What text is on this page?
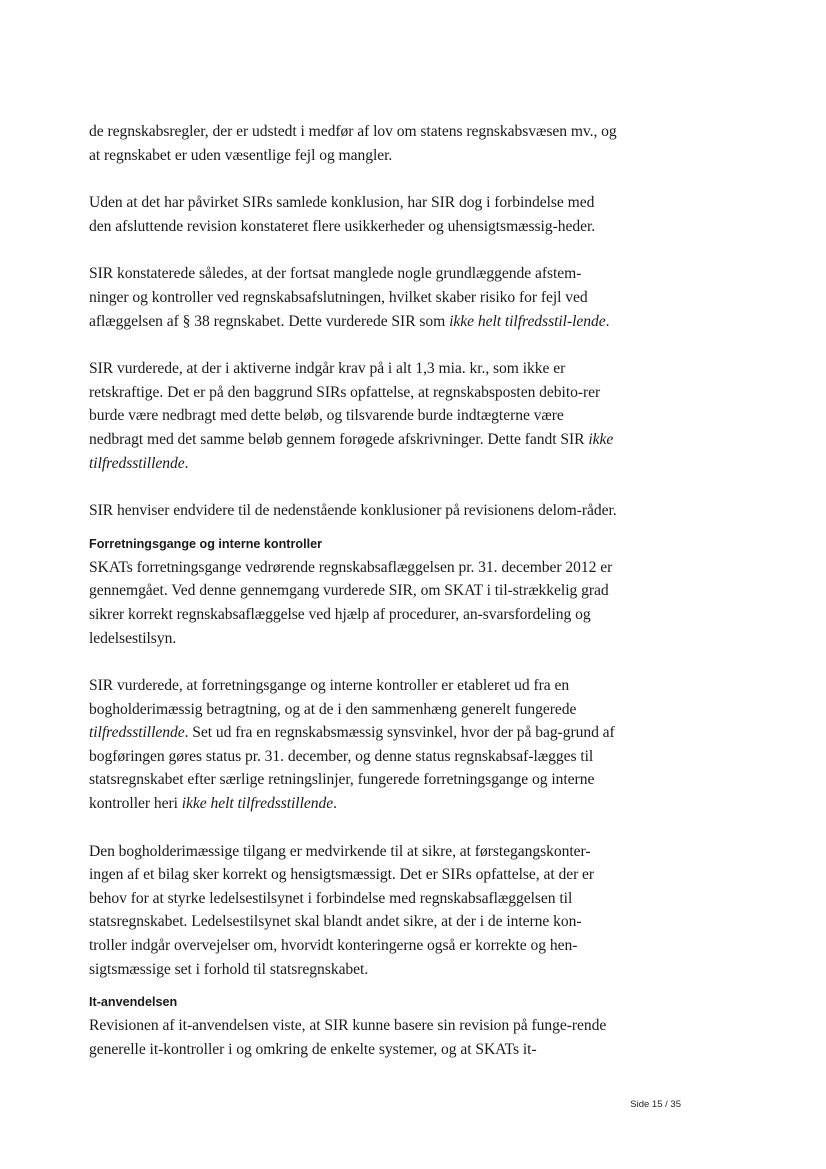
de regnskabsregler, der er udstedt i medfør af lov om statens regnskabsvæsen mv., og at regnskabet er uden væsentlige fejl og mangler.

Uden at det har påvirket SIRs samlede konklusion, har SIR dog i forbindelse med den afsluttende revision konstateret flere usikkerheder og uhensigtsmæssig-heder.

SIR konstaterede således, at der fortsat manglede nogle grundlæggende afstem-ninger og kontroller ved regnskabsafslutningen, hvilket skaber risiko for fejl ved aflæggelsen af § 38 regnskabet. Dette vurderede SIR som ikke helt tilfredsstil-lende.

SIR vurderede, at der i aktiverne indgår krav på i alt 1,3 mia. kr., som ikke er retskraftige. Det er på den baggrund SIRs opfattelse, at regnskabsposten debito-rer burde være nedbragt med dette beløb, og tilsvarende burde indtægterne være nedbragt med det samme beløb gennem forøgede afskrivninger. Dette fandt SIR ikke tilfredsstillende.

SIR henviser endvidere til de nedenstående konklusioner på revisionens delom-råder.

Forretningsgange og interne kontroller

SKATs forretningsgange vedrørende regnskabsaflæggelsen pr. 31. december 2012 er gennemgået. Ved denne gennemgang vurderede SIR, om SKAT i til-strækkelig grad sikrer korrekt regnskabsaflæggelse ved hjælp af procedurer, an-svarsfordeling og ledelsestilsyn.

SIR vurderede, at forretningsgange og interne kontroller er etableret ud fra en bogholderimæssig betragtning, og at de i den sammenhæng generelt fungerede tilfredsstillende. Set ud fra en regnskabsmæssig synsvinkel, hvor der på bag-grund af bogføringen gøres status pr. 31. december, og denne status regnskabsaf-lægges til statsregnskabet efter særlige retningslinjer, fungerede forretningsgange og interne kontroller heri ikke helt tilfredsstillende.

Den bogholderimæssige tilgang er medvirkende til at sikre, at førstegangskonter-ingen af et bilag sker korrekt og hensigtsmæssigt. Det er SIRs opfattelse, at der er behov for at styrke ledelsestilsynet i forbindelse med regnskabsaflæggelsen til statsregnskabet. Ledelsestilsynet skal blandt andet sikre, at der i de interne kon-troller indgår overvejelser om, hvorvidt konteringerne også er korrekte og hen-sigtsmæssige set i forhold til statsregnskabet.

It-anvendelsen

Revisionen af it-anvendelsen viste, at SIR kunne basere sin revision på funge-rende generelle it-kontroller i og omkring de enkelte systemer, og at SKATs it-

Side 15 / 35
